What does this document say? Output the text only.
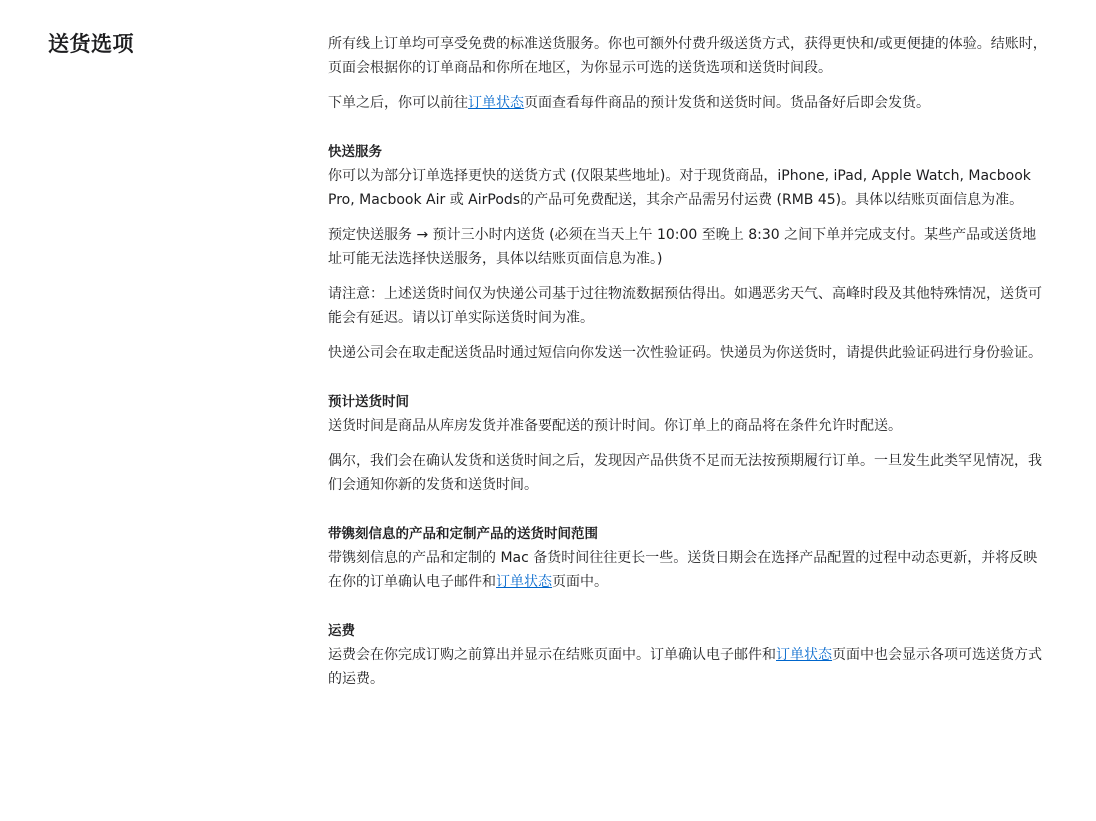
送货选项	所有线上订单均可享受免费的标准送货服务。你也可额外付费升级送货方式，获得更快和/或更便捷的体验。结账时，页面会根据你的订单商品和你所在地区，为你显示可选的送货选项和送货时间段。

下单之后，你可以前往订单状态页面查看每件商品的预计发货和送货时间。货品备好后即会发货。

快送服务

你可以为部分订单选择更快的送货方式 (仅限某些地址)。对于现货商品，iPhone, iPad, Apple Watch, Macbook Pro, Macbook Air 或 AirPods的产品可免费配送，其余产品需另付运费 (RMB 45)。具体以结账页面信息为准。

预定快送服务 → 预计三小时内送货 (必须在当天上午 10:00 至晚上 8:30 之间下单并完成支付。某些产品或送货地址可能无法选择快送服务，具体以结账页面信息为准。)

请注意：上述送货时间仅为快递公司基于过往物流数据预估得出。如遇恶劣天气、高峰时段及其他特殊情况，送货可能会有延迟。请以订单实际送货时间为准。

快递公司会在取走配送货品时通过短信向你发送一次性验证码。快递员为你送货时，请提供此验证码进行身份验证。

预计送货时间

送货时间是商品从库房发货并准备要配送的预计时间。你订单上的商品将在条件允许时配送。

偶尔，我们会在确认发货和送货时间之后，发现因产品供货不足而无法按预期履行订单。一旦发生此类罕见情况，我们会通知你新的发货和送货时间。

带镌刻信息的产品和定制产品的送货时间范围

带镌刻信息的产品和定制的 Mac 备货时间往往更长一些。送货日期会在选择产品配置的过程中动态更新，并将反映在你的订单确认电子邮件和订单状态页面中。

运费

运费会在你完成订购之前算出并显示在结账页面中。订单确认电子邮件和订单状态页面中也会显示各项可选送货方式的运费。
